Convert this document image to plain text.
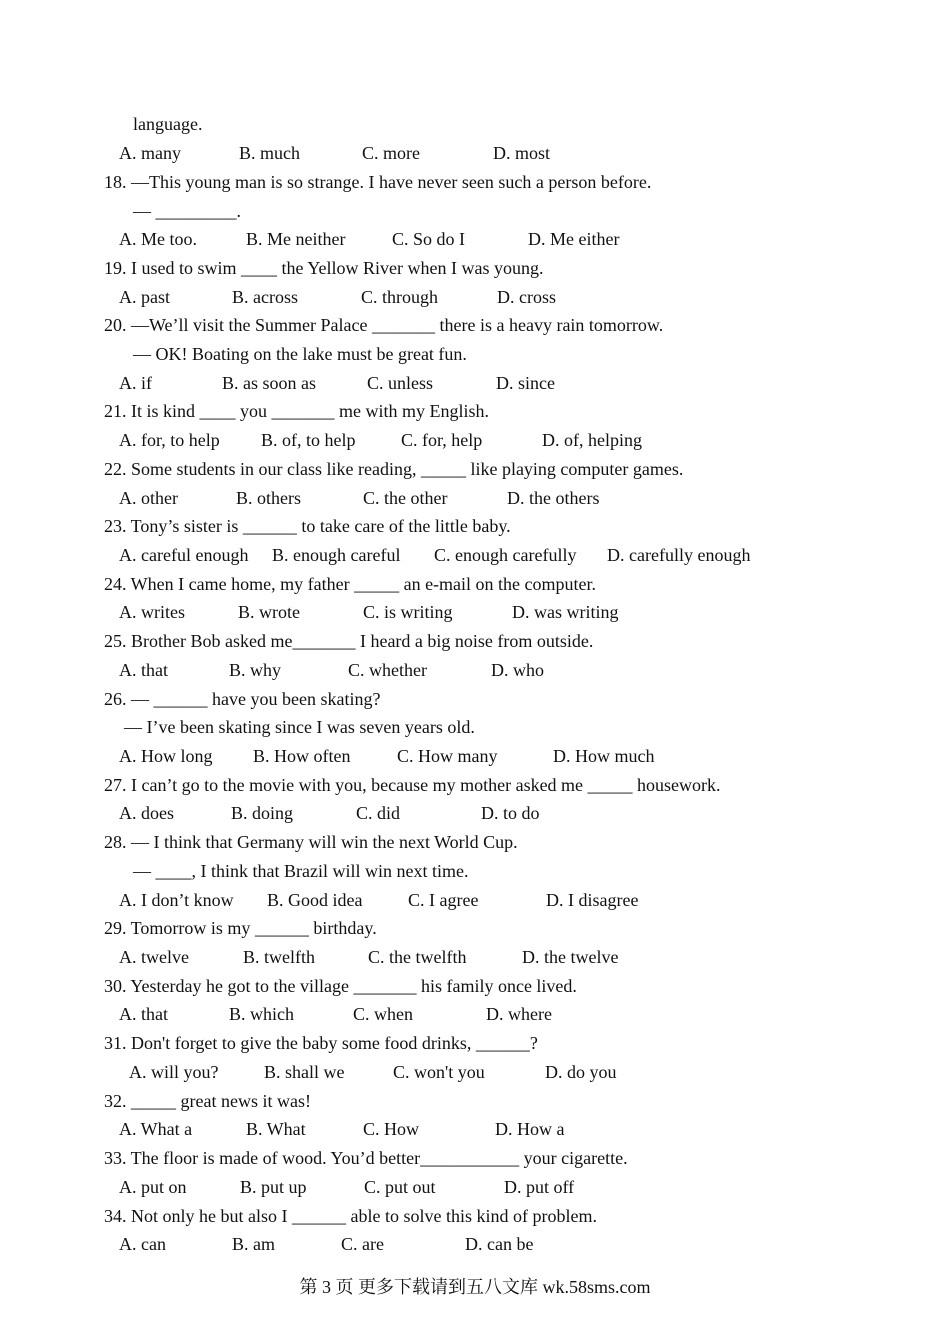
language.
A. many	B. much	C. more	D. most
18. —This young man is so strange. I have never seen such a person before.
— _________.
A. Me too.	B. Me neither	C. So do I	D. Me either
19. I used to swim ____ the Yellow River when I was young.
A. past	B. across	C. through	D. cross
20. —We’ll visit the Summer Palace _______ there is a heavy rain tomorrow.
— OK! Boating on the lake must be great fun.
A. if	B. as soon as	C. unless	D. since
21. It is kind ____ you _______ me with my English.
A. for, to help B. of, to help	C. for, help	D. of, helping
22. Some students in our class like reading, _____ like playing computer games.
A. other	B. others	C. the other	D. the others
23. Tony’s sister is ______ to take care of the little baby.
A. careful enough B. enough careful C. enough carefully D. carefully enough
24. When I came home, my father _____ an e-mail on the computer.
A. writes	B. wrote	C. is writing	D. was writing
25. Brother Bob asked me_______ I heard a big noise from outside.
A. that	B. why	C. whether	D. who
26. — ______ have you been skating?
— I’ve been skating since I was seven years old.
A. How long B. How often	C. How many	D. How much
27. I can’t go to the movie with you, because my mother asked me _____ housework.
A. does	B. doing	C. did	D. to do
28. — I think that Germany will win the next World Cup.
— ____, I think that Brazil will win next time.
A. I don’t know B. Good idea	C. I agree	D. I disagree
29. Tomorrow is my ______ birthday.
A. twelve	B. twelfth	C. the twelfth	D. the twelve
30. Yesterday he got to the village _______ his family once lived.
A. that	B. which	C. when	D. where
31. Don't forget to give the baby some food drinks, ______?
A. will you?	B. shall we	C. won't you	D. do you
32. _____ great news it was!
A. What a	B. What	C. How	D. How a
33. The floor is made of wood. You’d better___________ your cigarette.
A. put on	B. put up	C. put out	D. put off
34. Not only he but also I ______ able to solve this kind of problem.
A. can	B. am	C. are	D. can be
第 3 页 更多下载请到五八文库 wk.58sms.com
